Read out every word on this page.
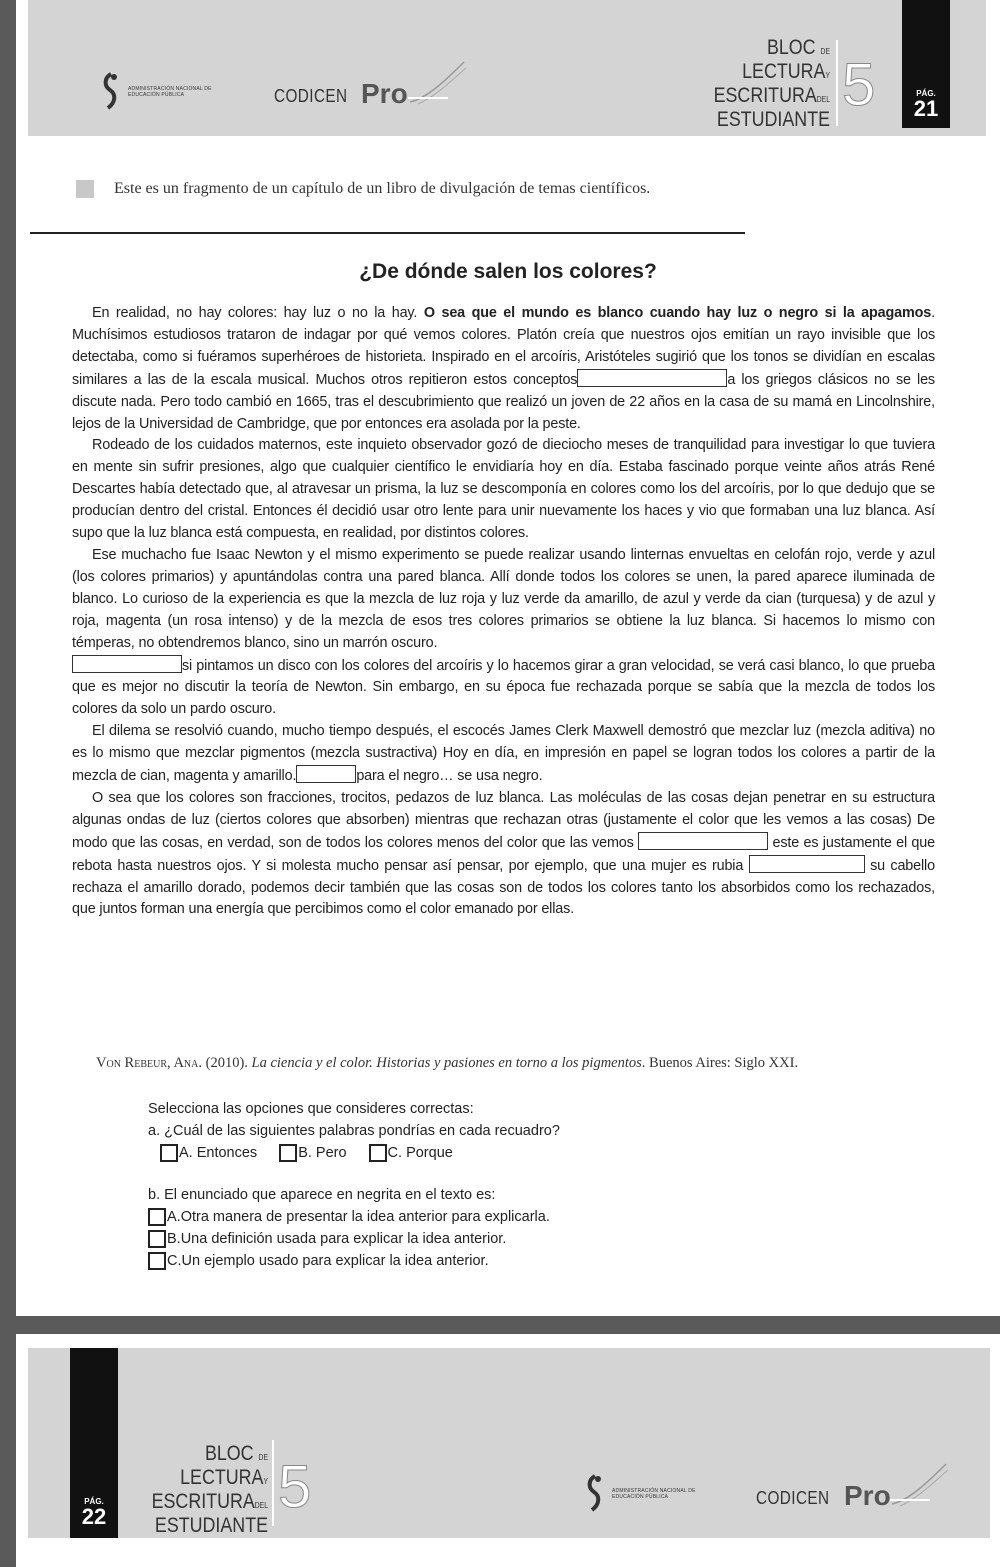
ADMINISTRACIÓN NACIONAL DE EDUCACIÓN PÚBLICA	CODICEN Pro
BLOC DE
LECTURAY
ESCRITURADEL
ESTUDIANTE
5	PÁG.
21
Este es un fragmento de un capítulo de un libro de divulgación de temas científicos.
¿De dónde salen los colores?

En realidad, no hay colores: hay luz o no la hay. O sea que el mundo es blanco cuando hay luz o negro si la apagamos. Muchísimos estudiosos trataron de indagar por qué vemos colores. Platón creía que nuestros ojos emitían un rayo invisible que los detectaba, como si fuéramos superhéroes de historieta. Inspirado en el arcoíris, Aristóteles sugirió que los tonos se dividían en escalas similares a las de la escala musical. Muchos otros repitieron estos conceptos	a los griegos clásicos no se les discute nada. Pero todo cambió en 1665, tras el descubrimiento que realizó un joven de 22 años en la casa de su mamá en Lincolnshire, lejos de la Universidad de Cambridge, que por entonces era asolada por la peste.

Rodeado de los cuidados maternos, este inquieto observador gozó de dieciocho meses de tranquilidad para investigar lo que tuviera en mente sin sufrir presiones, algo que cualquier científico le envidiaría hoy en día. Estaba fascinado porque veinte años atrás René Descartes había detectado que, al atravesar un prisma, la luz se descomponía en colores como los del arcoíris, por lo que dedujo que se producían dentro del cristal. Entonces él decidió usar otro lente para unir nuevamente los haces y vio que formaban una luz blanca. Así supo que la luz blanca está compuesta, en realidad, por distintos colores.

Ese muchacho fue Isaac Newton y el mismo experimento se puede realizar usando linternas envueltas en celofán rojo, verde y azul (los colores primarios) y apuntándolas contra una pared blanca. Allí donde todos los colores se unen, la pared aparece iluminada de blanco. Lo curioso de la experiencia es que la mezcla de luz roja y luz verde da amarillo, de azul y verde da cian (turquesa) y de azul y roja, magenta (un rosa intenso) y de la mezcla de esos tres colores primarios se obtiene la luz blanca. Si hacemos lo mismo con témperas, no obtendremos blanco, sino un marrón oscuro.

si pintamos un disco con los colores del arcoíris y lo hacemos girar a gran velocidad, se verá casi blanco, lo que prueba que es mejor no discutir la teoría de Newton. Sin embargo, en su época fue rechazada porque se sabía que la mezcla de todos los colores da solo un pardo oscuro.

El dilema se resolvió cuando, mucho tiempo después, el escocés James Clerk Maxwell demostró que mezclar luz (mezcla aditiva) no es lo mismo que mezclar pigmentos (mezcla sustractiva) Hoy en día, en impresión en papel se logran todos los colores a partir de la mezcla de cian, magenta y amarillo.	para el negro… se usa negro.

O sea que los colores son fracciones, trocitos, pedazos de luz blanca. Las moléculas de las cosas dejan penetrar en su estructura algunas ondas de luz (ciertos colores que absorben) mientras que rechazan otras (justamente el color que les vemos a las cosas) De modo que las cosas, en verdad, son de todos los colores menos del color que las vemos	este es justamente el que rebota hasta nuestros ojos. Y si molesta mucho pensar así pensar, por ejemplo, que una mujer es rubia	su cabello rechaza el amarillo dorado, podemos decir también que las cosas son de todos los colores tanto los absorbidos como los rechazados, que juntos forman una energía que percibimos como el color emanado por ellas.

Von Rebeur, Ana. (2010). La ciencia y el color. Historias y pasiones en torno a los pigmentos. Buenos Aires: Siglo XXI.
Selecciona las opciones que consideres correctas:
a. ¿Cuál de las siguientes palabras pondrías en cada recuadro?
A. Entonces	B. Pero	C. Porque
b. El enunciado que aparece en negrita en el texto es:
A.Otra manera de presentar la idea anterior para explicarla.
B.Una definición usada para explicar la idea anterior.
C.Un ejemplo usado para explicar la idea anterior.
PÁG.
22
BLOC DE
LECTURAY
ESCRITURADEL
ESTUDIANTE
5	ADMINISTRACIÓN NACIONAL DE EDUCACIÓN PÚBLICA	CODICEN Pro
